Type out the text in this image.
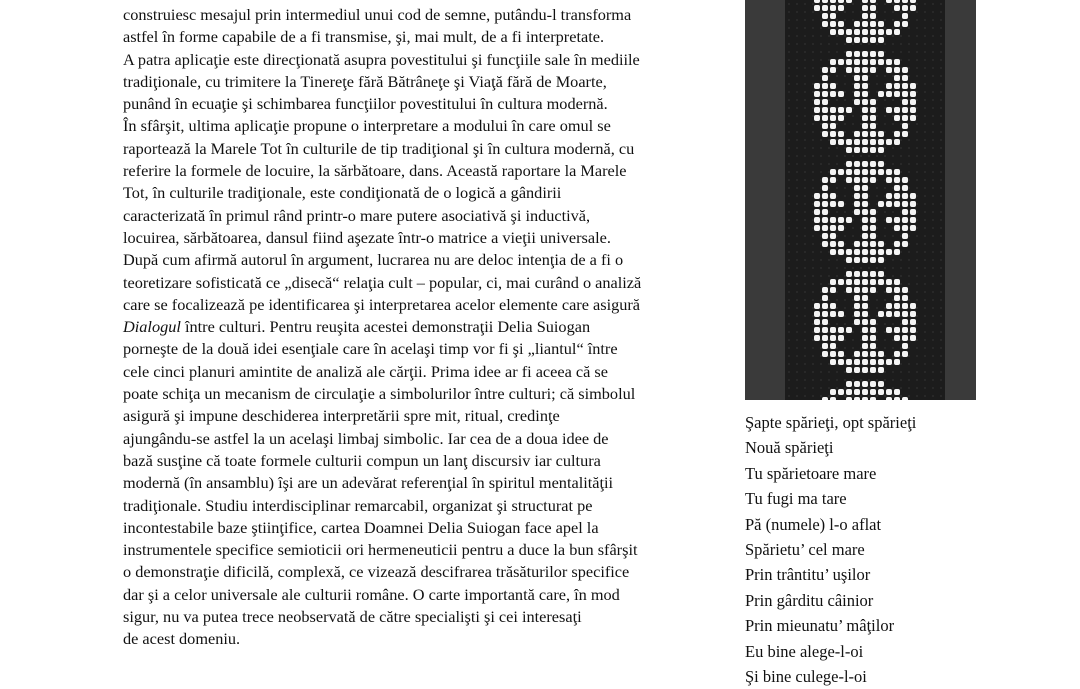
construiesc mesajul prin intermediul unui cod de semne, putându-l transforma
astfel în forme capabile de a fi transmise, şi, mai mult, de a fi interpretate.
A patra aplicaţie este direcţionată asupra povestitului şi funcţiile sale în mediile
tradiţionale, cu trimitere la Tinereţe fără Bătrâneţe şi Viaţă fără de Moarte,
punând în ecuaţie şi schimbarea funcţiilor povestitului în cultura modernă.
În sfârşit, ultima aplicaţie propune o interpretare a modului în care omul se
raportează la Marele Tot în culturile de tip tradiţional şi în cultura modernă, cu
referire la formele de locuire, la sărbătoare, dans. Această raportare la Marele
Tot, în culturile tradiţionale, este condiţionată de o logică a gândirii
caracterizată în primul rând printr-o mare putere asociativă şi inductivă,
locuirea, sărbătoarea, dansul fiind aşezate într-o matrice a vieţii universale.
După cum afirmă autorul în argument, lucrarea nu are deloc intenţia de a fi o
teoretizare sofisticată ce „disecă“ relaţia cult – popular, ci, mai curând o analiză
care se focalizează pe identificarea şi interpretarea acelor elemente care asigură
Dialogul între culturi. Pentru reuşita acestei demonstraţii Delia Suiogan
porneşte de la două idei esenţiale care în acelaşi timp vor fi şi „liantul“ între
cele cinci planuri amintite de analiză ale cărţii. Prima idee ar fi aceea că se
poate schiţa un mecanism de circulaţie a simbolurilor între culturi; că simbolul
asigură şi impune deschiderea interpretării spre mit, ritual, credinţe
ajungându-se astfel la un acelaşi limbaj simbolic. Iar cea de a doua idee de
bază susţine că toate formele culturii compun un lanţ discursiv iar cultura
modernă (în ansamblu) îşi are un adevărat referenţial în spiritul mentalităţii
tradiţionale. Studiu interdisciplinar remarcabil, organizat şi structurat pe
incontestabile baze ştiinţifice, cartea Doamnei Delia Suiogan face apel la
instrumentele specifice semioticii ori hermeneuticii pentru a duce la bun sfârşit
o demonstraţie dificilă, complexă, ce vizează descifrarea trăsăturilor specifice
dar şi a celor universale ale culturii române. O carte importantă care, în mod
sigur, nu va putea trece neobservată de către specialişti şi cei interesaţi
de acest domeniu.
Şapte spărieţi, opt spărieţi
Nouă spărieţi
Tu spărietoare mare
Tu fugi ma tare
Pă (numele) l-o aflat
Spărietu’ cel mare
Prin trântitu’ uşilor
Prin gârditu câinior
Prin mieunatu’ mâţilor
Eu bine alege-l-oi
Şi bine culege-l-oi
